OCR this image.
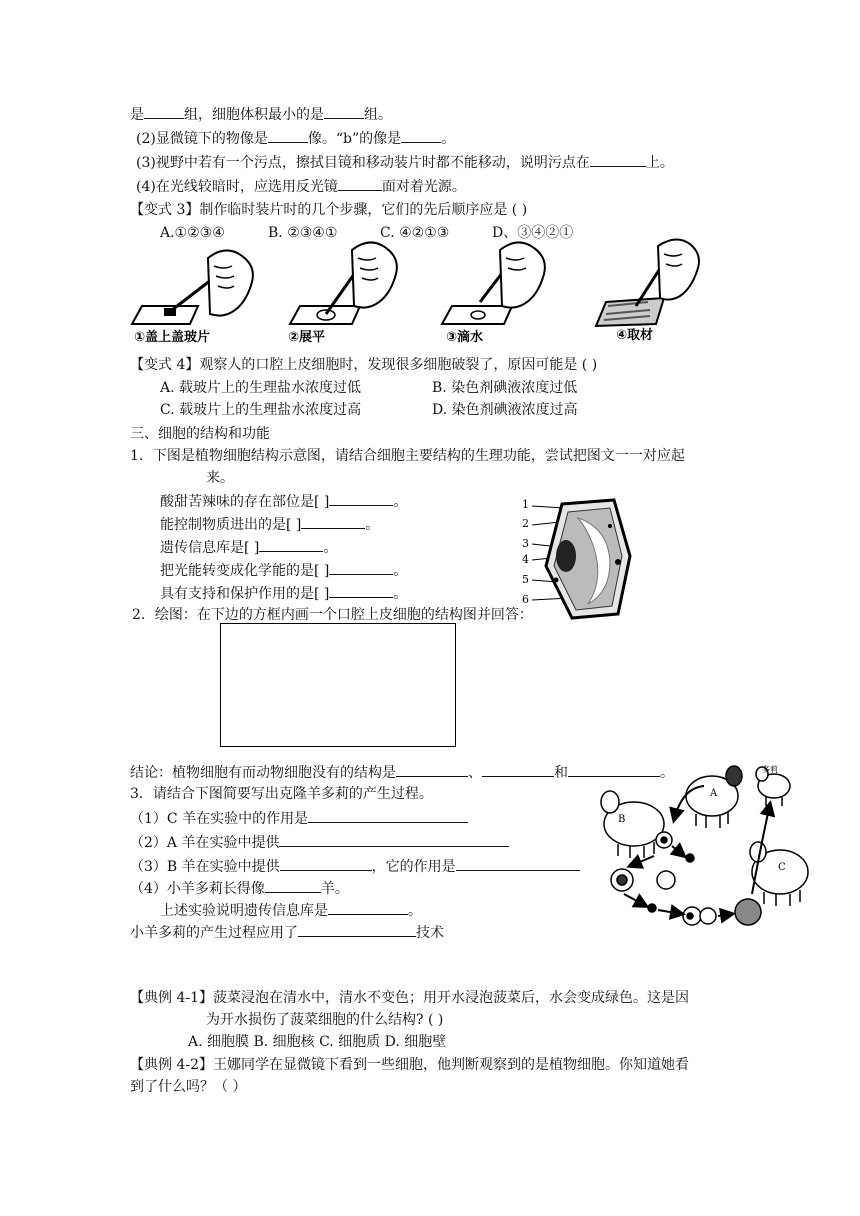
是	组，细胞体积最小的是	组。
(2)显微镜下的物像是	像。“b”的像是	。
(3)视野中若有一个污点，擦拭目镜和移动装片时都不能移动，说明污点在	上。
(4)在光线较暗时，应选用反光镜	面对着光源。
【变式 3】制作临时装片时的几个步骤，它们的先后顺序应是 ( )
A.①②③④	B. ②③④①	C. ④②①③	D、③④②①
①盖上盖玻片	②展平	③滴水	④取材
【变式 4】观察人的口腔上皮细胞时，发现很多细胞破裂了，原因可能是 ( )
A. 载玻片上的生理盐水浓度过低	B. 染色剂碘液浓度过低
C. 载玻片上的生理盐水浓度过高	D. 染色剂碘液浓度过高
三、细胞的结构和功能
1．下图是植物细胞结构示意图，请结合细胞主要结构的生理功能，尝试把图文一一对应起
来。
酸甜苦辣味的存在部位是[ ]	。
能控制物质进出的是[ ]	。
遗传信息库是[ ]	。
把光能转变成化学能的是[ ]	。
具有支持和保护作用的是[ ]	。
1
2
3
4
5
6
2．绘图：在下边的方框内画一个口腔上皮细胞的结构图并回答：
结论：植物细胞有而动物细胞没有的结构是	、	和	。
3．请结合下图简要写出克隆羊多莉的产生过程。
（1）C 羊在实验中的作用是
（2）A 羊在实验中提供
（3）B 羊在实验中提供	，它的作用是
（4）小羊多莉长得像	羊。
上述实验说明遗传信息库是	。
小羊多莉的产生过程应用了	技术
B
A
多莉
C
【典例 4-1】菠菜浸泡在清水中，清水不变色；用开水浸泡菠菜后，水会变成绿色。这是因
为开水损伤了菠菜细胞的什么结构? ( )
A. 细胞膜 B. 细胞核 C. 细胞质 D. 细胞壁
【典例 4-2】王娜同学在显微镜下看到一些细胞，他判断观察到的是植物细胞。你知道她看
到了什么吗？（ ）
